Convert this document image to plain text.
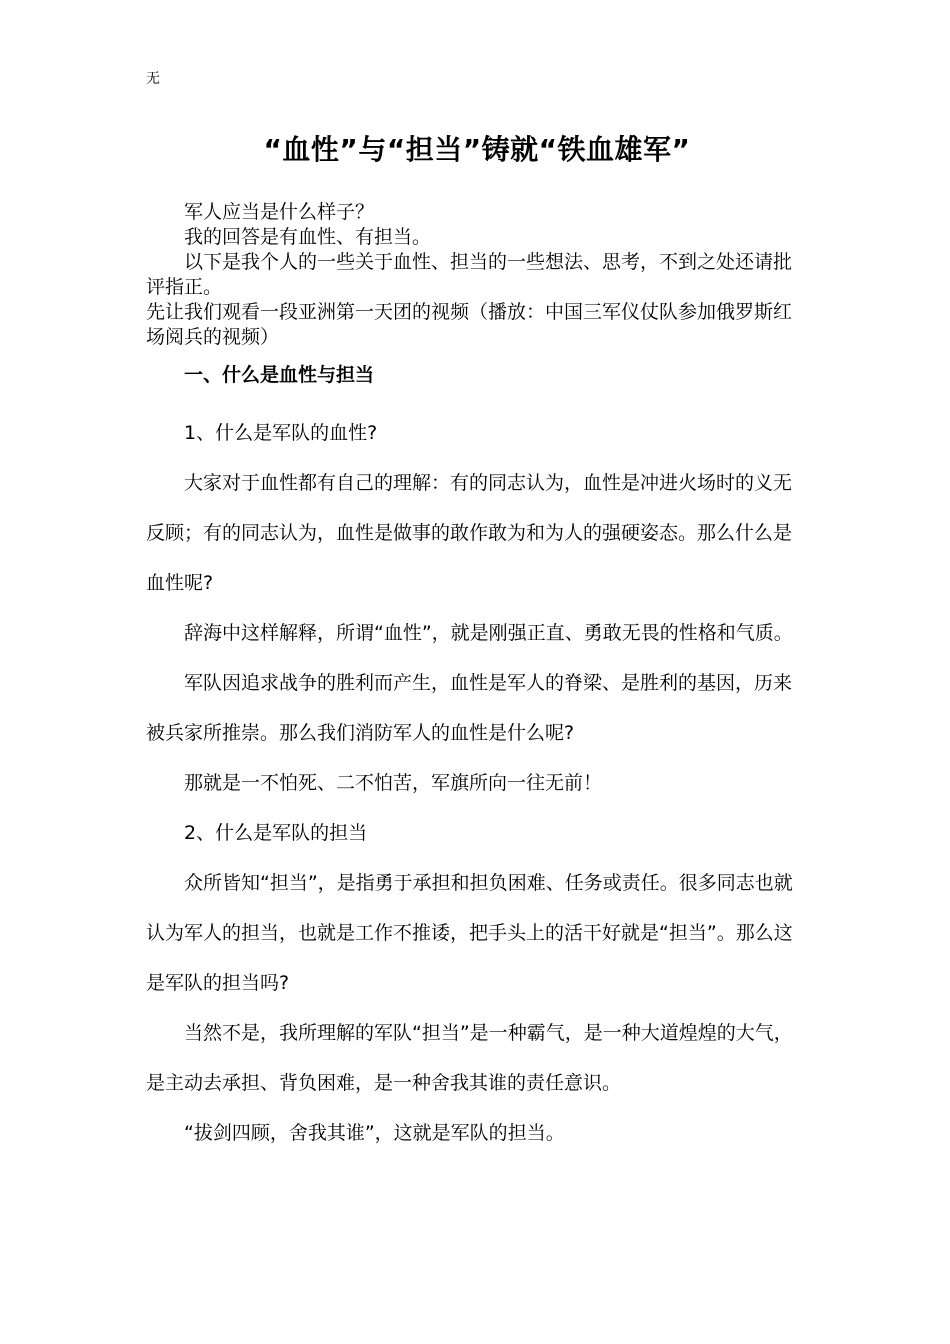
无
“血性”与“担当”铸就“铁血雄军”

军人应当是什么样子？

我的回答是有血性、有担当。

以下是我个人的一些关于血性、担当的一些想法、思考，不到之处还请批评指正。

先让我们观看一段亚洲第一天团的视频（播放：中国三军仪仗队参加俄罗斯红场阅兵的视频）

一、什么是血性与担当

1、什么是军队的血性?

大家对于血性都有自己的理解：有的同志认为，血性是冲进火场时的义无反顾；有的同志认为，血性是做事的敢作敢为和为人的强硬姿态。那么什么是血性呢?

辞海中这样解释，所谓“血性”，就是刚强正直、勇敢无畏的性格和气质。

军队因追求战争的胜利而产生，血性是军人的脊梁、是胜利的基因，历来被兵家所推崇。那么我们消防军人的血性是什么呢?

那就是一不怕死、二不怕苦，军旗所向一往无前！

2、什么是军队的担当

众所皆知“担当”，是指勇于承担和担负困难、任务或责任。很多同志也就认为军人的担当，也就是工作不推诿，把手头上的活干好就是“担当”。那么这是军队的担当吗?

当然不是，我所理解的军队“担当”是一种霸气，是一种大道煌煌的大气，是主动去承担、背负困难，是一种舍我其谁的责任意识。

“拔剑四顾，舍我其谁”，这就是军队的担当。
